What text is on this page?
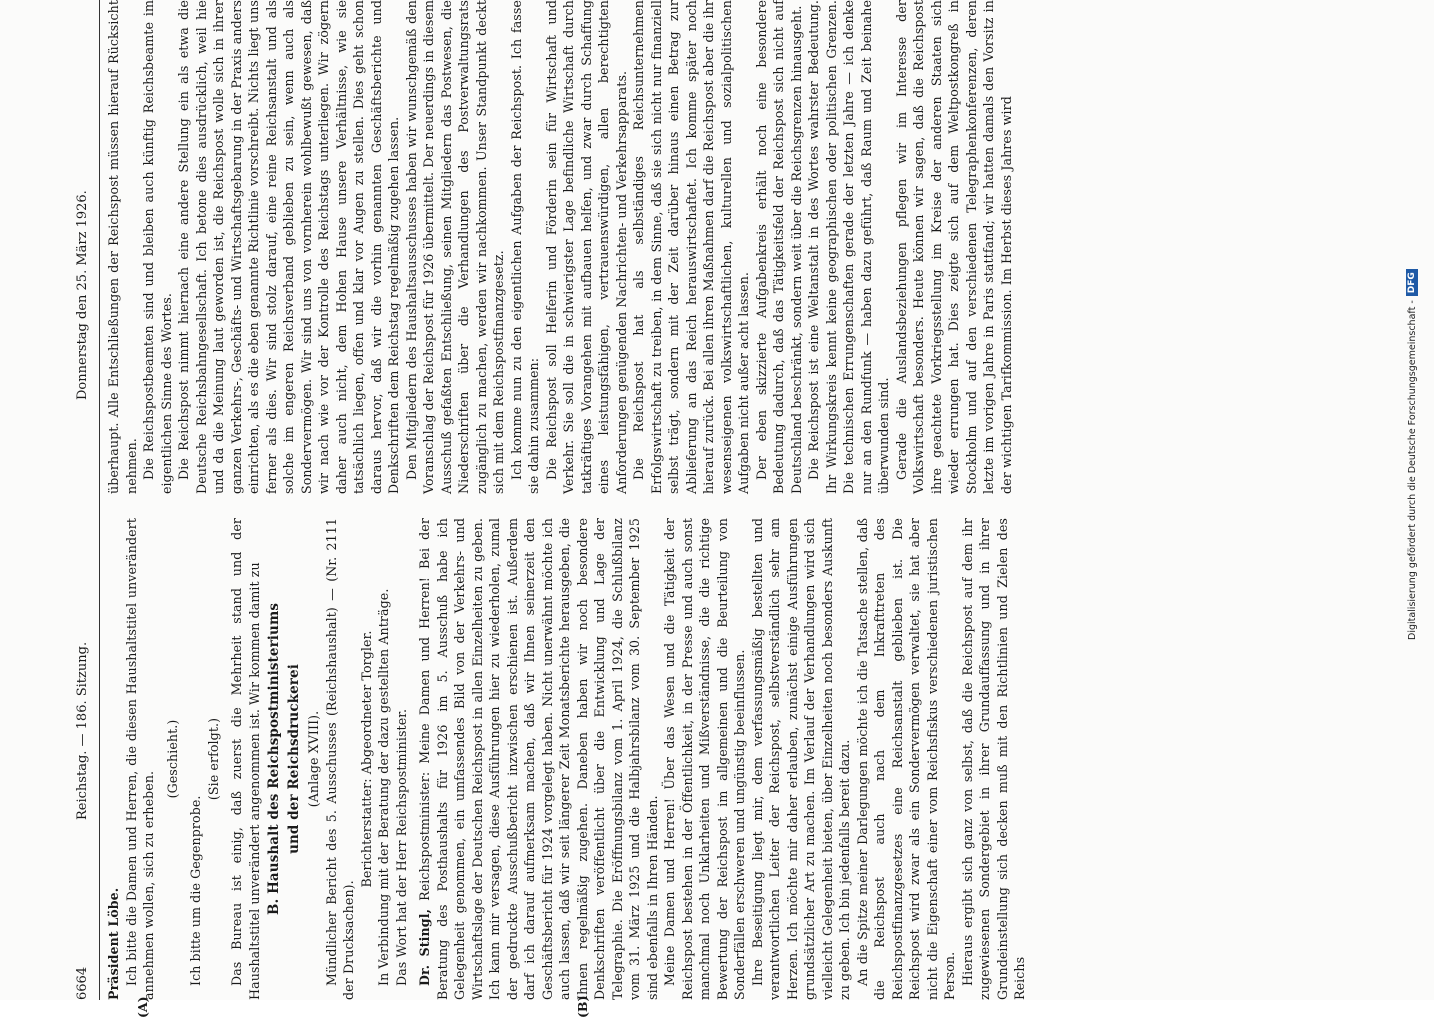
6664
Reichstag. — 186. Sitzung.
Donnerstag den 25. März 1926.
(A)	(B)

Präsident Löbe. Ich bitte die Damen und Herren, die diesen Haushaltstitel unverändert annehmen wollen, sich zu erheben.

(Geschieht.)

Ich bitte um die Gegenprobe.

(Sie erfolgt.) Das Bureau ist einig, daß zuerst die Mehrheit stand und der Haushaltstitel unverändert angenommen ist. Wir kommen damit zu B. Haushalt des Reichspostministeriums und der Reichsdruckerei (Anlage XVIII). Mündlicher Bericht des 5. Ausschusses (Reichshaushalt) — (Nr. 2111 der Drucksachen).

Berichterstatter: Abgeordneter Torgler. In Verbindung mit der Beratung der dazu gestellten Anträge. Das Wort hat der Herr Reichspostminister. Dr. Stingl, Reichspostminister: Meine Damen und Herren! Bei der Beratung des Posthaushalts für 1926 im 5. Ausschuß habe ich Gelegenheit genommen, ein umfassendes Bild von der Verkehrs- und Wirtschaftslage der Deutschen Reichspost in allen Einzelheiten zu geben. Ich kann mir versagen, diese Ausführungen hier zu wiederholen, zumal der gedruckte Ausschußbericht inzwischen erschienen ist. Außerdem darf ich darauf aufmerksam machen, daß wir Ihnen seinerzeit den Geschäftsbericht für 1924 vorgelegt haben. Nicht unerwähnt möchte ich auch lassen, daß wir seit längerer Zeit Monatsberichte herausgeben, die Ihnen regelmäßig zugehen. Daneben haben wir noch besondere Denkschriften veröffentlicht über die Entwicklung und Lage der Telegraphie. Die Eröffnungsbilanz vom 1. April 1924, die Schlußbilanz vom 31. März 1925 und die Halbjahrsbilanz vom 30. September 1925 sind ebenfalls in Ihren Händen. Meine Damen und Herren! Über das Wesen und die Tätigkeit der Reichspost bestehen in der Öffentlichkeit, in der Presse und auch sonst manchmal noch Unklarheiten und Mißverständnisse, die die richtige Bewertung der Reichspost im allgemeinen und die Beurteilung von Sonderfällen erschweren und ungünstig beeinflussen. Ihre Beseitigung liegt mir, dem verfassungsmäßig bestellten und verantwortlichen Leiter der Reichspost, selbstverständlich sehr am Herzen. Ich möchte mir daher erlauben, zunächst einige Ausführungen grundsätzlicher Art zu machen. Im Verlauf der Verhandlungen wird sich vielleicht Gelegenheit bieten, über Einzelheiten noch besonders Auskunft zu geben. Ich bin jedenfalls bereit dazu. An die Spitze meiner Darlegungen möchte ich die Tatsache stellen, daß die Reichspost auch nach dem Inkrafttreten des Reichspostfinanzgesetzes eine Reichsanstalt geblieben ist. Die Reichspost wird zwar als ein Sondervermögen verwaltet, sie hat aber nicht die Eigenschaft einer vom Reichsfiskus verschiedenen juristischen Person. Hieraus ergibt sich ganz von selbst, daß die Reichspost auf dem ihr zugewiesenen Sondergebiet in ihrer Grundauffassung und in ihrer Grundeinstellung sich decken muß mit den Richtlinien und Zielen des Reichs

überhaupt. Alle Entschließungen der Reichspost müssen hierauf Rücksicht nehmen. Die Reichspostbeamten sind und bleiben auch künftig Reichsbeamte im eigentlichen Sinne des Wortes. Die Reichspost nimmt hiernach eine andere Stellung ein als etwa die Deutsche Reichsbahngesellschaft. Ich betone dies ausdrücklich, weil hie und da die Meinung laut geworden ist, die Reichspost wolle sich in ihrer ganzen Verkehrs-, Geschäfts- und Wirtschaftsgebarung in der Praxis anders einrichten, als es die eben genannte Richtlinie vorschreibt. Nichts liegt uns ferner als dies. Wir sind stolz darauf, eine reine Reichsanstalt und als solche im engeren Reichsverband geblieben zu sein, wenn auch als Sondervermögen. Wir sind uns von vornherein wohlbewußt gewesen, daß wir nach wie vor der Kontrolle des Reichstags unterliegen. Wir zögern daher auch nicht, dem Hohen Hause unsere Verhältnisse, wie sie tatsächlich liegen, offen und klar vor Augen zu stellen. Dies geht schon daraus hervor, daß wir die vorhin genannten Geschäftsberichte und Denkschriften dem Reichstag regelmäßig zugehen lassen. Den Mitgliedern des Haushaltsausschusses haben wir wunschgemäß den Voranschlag der Reichspost für 1926 übermittelt. Der neuerdings in diesem Ausschuß gefaßten Entschließung, seinen Mitgliedern das Postwesen, die Niederschriften über die Verhandlungen des Postverwaltungsrats zugänglich zu machen, werden wir nachkommen. Unser Standpunkt deckt sich mit dem Reichspostfinanzgesetz. Ich komme nun zu den eigentlichen Aufgaben der Reichspost. Ich fasse sie dahin zusammen: Die Reichspost soll Helferin und Förderin sein für Wirtschaft und Verkehr. Sie soll die in schwierigster Lage befindliche Wirtschaft durch tatkräftiges Vorangehen mit aufbauen helfen, und zwar durch Schaffung eines leistungsfähigen, vertrauenswürdigen, allen berechtigten Anforderungen genügenden Nachrichten- und Verkehrsapparats. Die Reichspost hat als selbständiges Reichsunternehmen Erfolgswirtschaft zu treiben, in dem Sinne, daß sie sich nicht nur finanziell selbst trägt, sondern mit der Zeit darüber hinaus einen Betrag zur Ablieferung an das Reich herauswirtschaftet. Ich komme später noch hierauf zurück. Bei allen ihren Maßnahmen darf die Reichspost aber die ihr wesenseigenen volkswirtschaftlichen, kulturellen und sozialpolitischen Aufgaben nicht außer acht lassen. Der eben skizzierte Aufgabenkreis erhält noch eine besondere Bedeutung dadurch, daß das Tätigkeitsfeld der Reichspost sich nicht auf Deutschland beschränkt, sondern weit über die Reichsgrenzen hinausgeht. Die Reichspost ist eine Weltanstalt in des Wortes wahrster Bedeutung. Ihr Wirkungskreis kennt keine geographischen oder politischen Grenzen. Die technischen Errungenschaften gerade der letzten Jahre — ich denke nur an den Rundfunk — haben dazu geführt, daß Raum und Zeit beinahe überwunden sind. Gerade die Auslandsbeziehungen pflegen wir im Interesse der Volkswirtschaft besonders. Heute können wir sagen, daß die Reichspost ihre geachtete Vorkriegsstellung im Kreise der anderen Staaten sich wieder errungen hat. Dies zeigte sich auf dem Weltpostkongreß in Stockholm und auf den verschiedenen Telegraphenkonferenzen, deren letzte im vorigen Jahre in Paris stattfand; wir hatten damals den Vorsitz in der wichtigen Tarifkommission. Im Herbst dieses Jahres wird	Digitalisierung gefördert durch die Deutsche Forschungsgemeinschaft -
DFG
